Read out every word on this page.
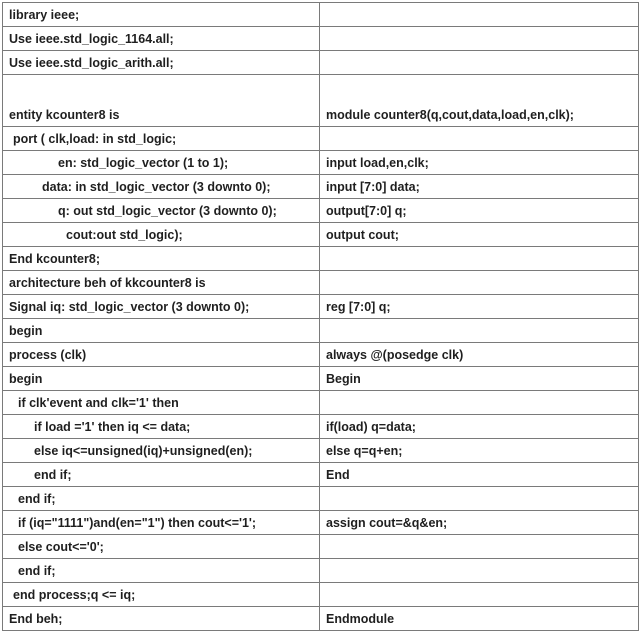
library ieee;	
Use ieee.std_logic_1164.all;	
Use ieee.std_logic_arith.all;	
entity kcounter8 is	module counter8(q,cout,data,load,en,clk);
port ( clk,load: in std_logic;	
en: std_logic_vector (1 to 1);	input load,en,clk;
data: in std_logic_vector (3 downto 0);	input [7:0] data;
q: out std_logic_vector (3 downto 0);	output[7:0] q;
cout:out std_logic);	output cout;
End kcounter8;	
architecture beh of kkcounter8 is	
Signal iq: std_logic_vector (3 downto 0);	reg [7:0] q;
begin	
process (clk)	always @(posedge clk)
begin	Begin
if clk'event and clk='1' then	
if load ='1' then iq <= data;	if(load) q=data;
else iq<=unsigned(iq)+unsigned(en);	else q=q+en;
end if;	End
end if;	
if (iq="1111")and(en="1") then cout<='1';	assign cout=&q&en;
else cout<='0';	
end if;	
end process;q <= iq;	
End beh;	Endmodule
